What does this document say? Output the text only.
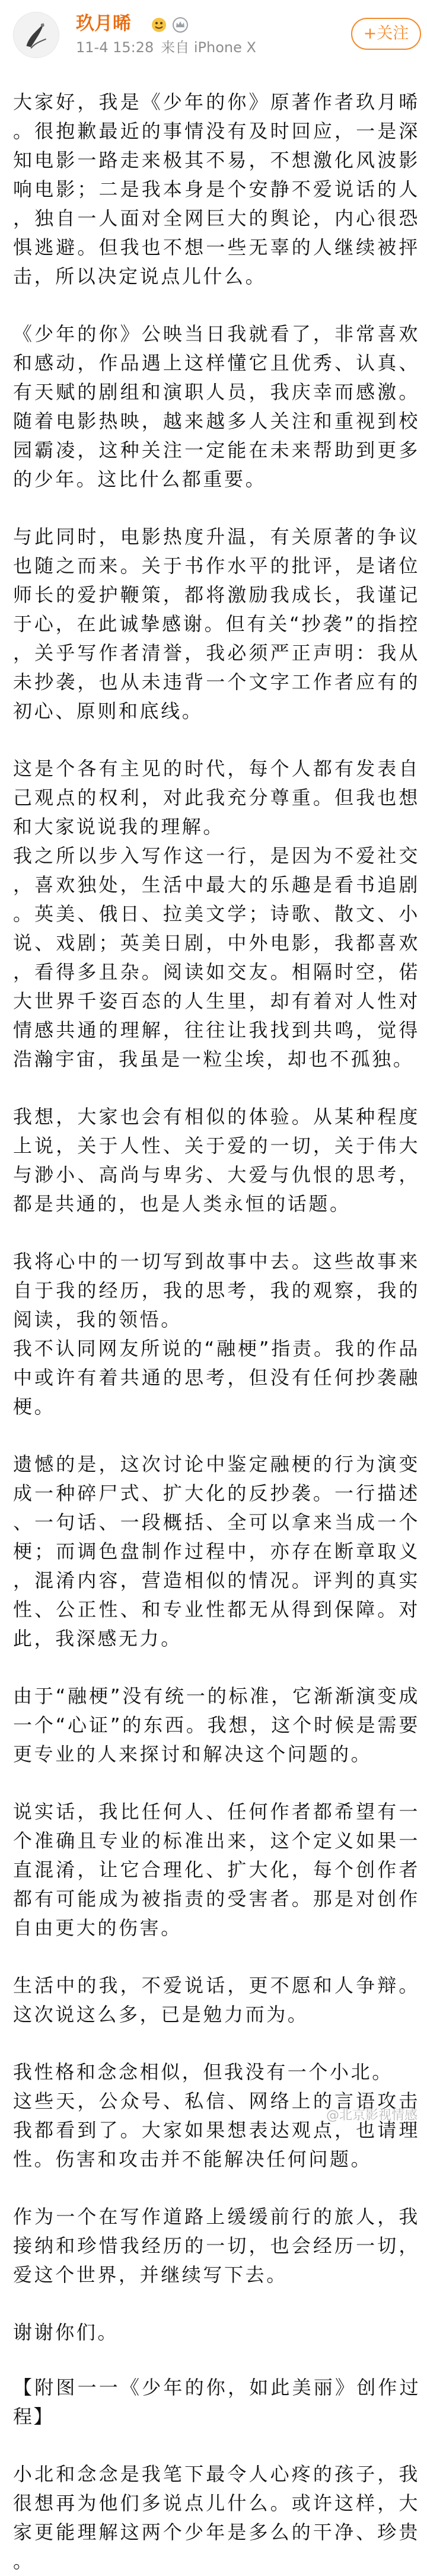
玖月晞
11-4 15:28 来自 iPhone X
+关注

大家好，我是《少年的你》原著作者玖月晞。很抱歉最近的事情没有及时回应，一是深知电影一路走来极其不易，不想激化风波影响电影；二是我本身是个安静不爱说话的人，独自一人面对全网巨大的舆论，内心很恐惧逃避。但我也不想一些无辜的人继续被抨击，所以决定说点儿什么。

《少年的你》公映当日我就看了，非常喜欢和感动，作品遇上这样懂它且优秀、认真、有天赋的剧组和演职人员，我庆幸而感激。随着电影热映，越来越多人关注和重视到校园霸凌，这种关注一定能在未来帮助到更多的少年。这比什么都重要。

与此同时，电影热度升温，有关原著的争议也随之而来。关于书作水平的批评，是诸位师长的爱护鞭策，都将激励我成长，我谨记于心，在此诚挚感谢。但有关“抄袭”的指控，关乎写作者清誉，我必须严正声明：我从未抄袭，也从未违背一个文字工作者应有的初心、原则和底线。

这是个各有主见的时代，每个人都有发表自己观点的权利，对此我充分尊重。但我也想和大家说说我的理解。

我之所以步入写作这一行，是因为不爱社交，喜欢独处，生活中最大的乐趣是看书追剧。英美、俄日、拉美文学；诗歌、散文、小说、戏剧；英美日剧，中外电影，我都喜欢，看得多且杂。阅读如交友。相隔时空，偌大世界千姿百态的人生里，却有着对人性对情感共通的理解，往往让我找到共鸣，觉得浩瀚宇宙，我虽是一粒尘埃，却也不孤独。

我想，大家也会有相似的体验。从某种程度上说，关于人性、关于爱的一切，关于伟大与渺小、高尚与卑劣、大爱与仇恨的思考，都是共通的，也是人类永恒的话题。

我将心中的一切写到故事中去。这些故事来自于我的经历，我的思考，我的观察，我的阅读，我的领悟。

我不认同网友所说的“融梗”指责。我的作品中或许有着共通的思考，但没有任何抄袭融梗。

遗憾的是，这次讨论中鉴定融梗的行为演变成一种碎尸式、扩大化的反抄袭。一行描述、一句话、一段概括、全可以拿来当成一个梗；而调色盘制作过程中，亦存在断章取义，混淆内容，营造相似的情况。评判的真实性、公正性、和专业性都无从得到保障。对此，我深感无力。

由于“融梗”没有统一的标准，它渐渐演变成一个“心证”的东西。我想，这个时候是需要更专业的人来探讨和解决这个问题的。

说实话，我比任何人、任何作者都希望有一个准确且专业的标准出来，这个定义如果一直混淆，让它合理化、扩大化，每个创作者都有可能成为被指责的受害者。那是对创作自由更大的伤害。

生活中的我，不爱说话，更不愿和人争辩。这次说这么多，已是勉力而为。

我性格和念念相似，但我没有一个小北。

这些天，公众号、私信、网络上的言语攻击我都看到了。大家如果想表达观点，也请理性。伤害和攻击并不能解决任何问题。

作为一个在写作道路上缓缓前行的旅人，我接纳和珍惜我经历的一切，也会经历一切，爱这个世界，并继续写下去。

谢谢你们。

【附图一一《少年的你，如此美丽》创作过程】

小北和念念是我笔下最令人心疼的孩子，我很想再为他们多说点儿什么。或许这样，大家更能理解这两个少年是多么的干净、珍贵。	@北京影视情感
